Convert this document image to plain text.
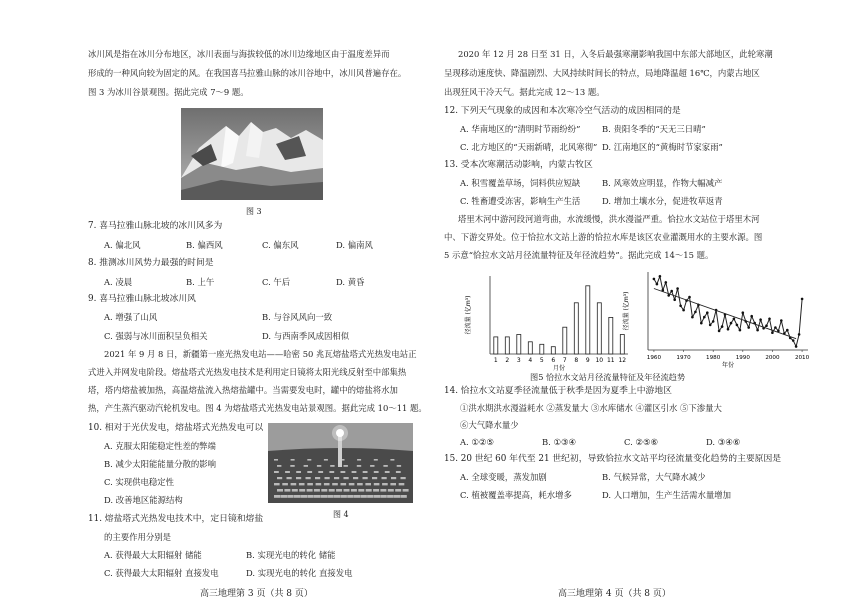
冰川风是指在冰川分布地区，冰川表面与海拔较低的冰川边缘地区由于温度差异而
形成的一种风向较为固定的风。在我国喜马拉雅山脉的冰川谷地中，冰川风普遍存在。
图 3 为冰川谷景观图。据此完成 7～9 题。
图 3
7. 喜马拉雅山脉北坡的冰川风多为
A. 偏北风	B. 偏西风	C. 偏东风	D. 偏南风
8. 推测冰川风势力最强的时间是
A. 凌晨	B. 上午	C. 午后	D. 黄昏
9. 喜马拉雅山脉北坡冰川风
A. 增强了山风	B. 与谷风风向一致
C. 强弱与冰川面积呈负相关	D. 与西南季风成因相似
2021 年 9 月 8 日，新疆第一座光热发电站——哈密 50 兆瓦熔盐塔式光热发电站正
式进入并网发电阶段。熔盐塔式光热发电技术是利用定日镜将太阳光线反射至中部集热
塔，塔内熔盐被加热，高温熔盐流入热熔盐罐中。当需要发电时，罐中的熔盐将水加
热，产生蒸汽驱动汽轮机发电。图 4 为熔盐塔式光热发电站景观图。据此完成 10～11 题。
10. 相对于光伏发电，熔盐塔式光热发电可以
A. 克服太阳能稳定性差的弊端
B. 减少太阳能能量分散的影响
C. 实现供电稳定性
D. 改善地区能源结构
图 4
11. 熔盐塔式光热发电技术中，定日镜和熔盐
的主要作用分别是
A. 获得最大太阳辐射 储能	B. 实现光电的转化 储能
C. 获得最大太阳辐射 直接发电	D. 实现光电的转化 直接发电
高三地理第 3 页（共 8 页）
2020 年 12 月 28 日至 31 日，入冬后最强寒潮影响我国中东部大部地区，此轮寒潮
呈现移动速度快、降温剧烈、大风持续时间长的特点，局地降温超 16℃，内蒙古地区
出现狂风干冷天气。据此完成 12～13 题。
12. 下列天气现象的成因和本次寒冷空气活动的成因相同的是
A. 华南地区的“清明时节雨纷纷”	B. 贵阳冬季的“天无三日晴”
C. 北方地区的“天雨新晴，北风寒彻” D. 江南地区的“黄梅时节家家雨”
13. 受本次寒潮活动影响，内蒙古牧区
A. 积雪覆盖草场，饲料供应短缺	B. 风寒效应明显，作物大幅减产
C. 牲畜遭受冻害，影响生产生活	D. 增加土壤水分，促进牧草返青
塔里木河中游河段河道弯曲，水流缓慢，洪水漫溢严重。恰拉水文站位于塔里木河
中、下游交界处。位于恰拉水文站上游的恰拉水库是该区农业灌溉用水的主要水源。图
5 示意“恰拉水文站月径流量特征及年径流趋势”。据此完成 14～15 题。
径流量 (亿m³)
1 2 3 4 5 6 7 8 9 10 11 12
月份
径流量 (亿m³)
1960	1970	1980	1990	2000	2010
年份
图5 恰拉水文站月径流量特征及年径流趋势
14. 恰拉水文站夏季径流量低于秋季是因为夏季上中游地区
①洪水期洪水漫溢耗水 ②蒸发量大 ③水库储水 ④灌区引水 ⑤下渗量大
⑥大气降水量少
A. ①②⑤	B. ①③④	C. ②⑤⑥	D. ③④⑥
15. 20 世纪 60 年代至 21 世纪初，导致恰拉水文站平均径流量变化趋势的主要原因是
A. 全球变暖，蒸发加剧	B. 气候异常，大气降水减少
C. 植被覆盖率提高，耗水增多	D. 人口增加，生产生活需水量增加
高三地理第 4 页（共 8 页）
